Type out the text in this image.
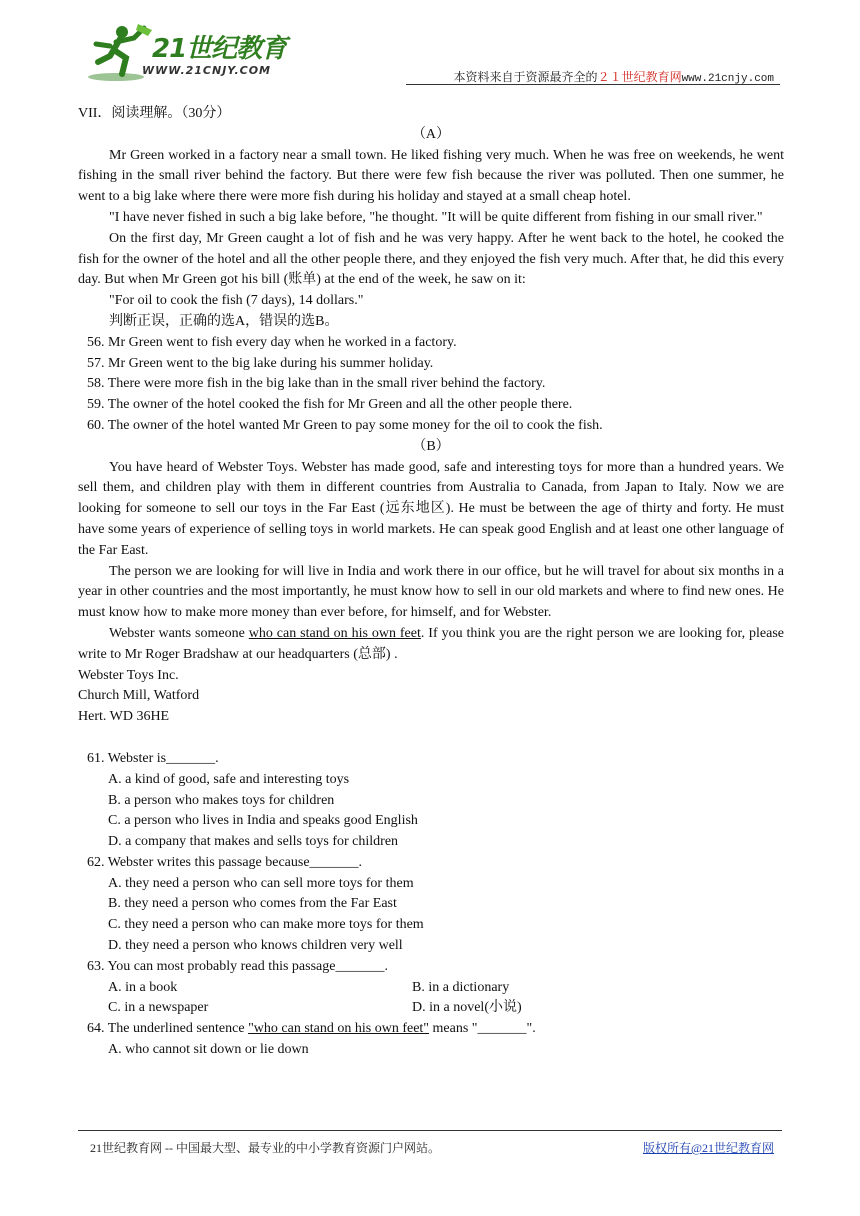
21世纪教育
WWW.21CNJY.COM	本资料来自于资源最齐全的２１世纪教育网www.21cnjy.com

VII．阅读理解。（30分）

（A）

Mr Green worked in a factory near a small town. He liked fishing very much. When he was free on weekends, he went fishing in the small river behind the factory. But there were few fish because the river was polluted. Then one summer, he went to a big lake where there were more fish during his holiday and stayed at a small cheap hotel.

"I have never fished in such a big lake before, "he thought. "It will be quite different from fishing in our small river."

On the first day, Mr Green caught a lot of fish and he was very happy. After he went back to the hotel, he cooked the fish for the owner of the hotel and all the other people there, and they enjoyed the fish very much. After that, he did this every day. But when Mr Green got his bill (账单) at the end of the week, he saw on it:

"For oil to cook the fish (7 days), 14 dollars."

判断正误，正确的选A，错误的选B。

56. Mr Green went to fish every day when he worked in a factory.

57. Mr Green went to the big lake during his summer holiday.

58. There were more fish in the big lake than in the small river behind the factory.

59. The owner of the hotel cooked the fish for Mr Green and all the other people there.

60. The owner of the hotel wanted Mr Green to pay some money for the oil to cook the fish.

（B）

You have heard of Webster Toys. Webster has made good, safe and interesting toys for more than a hundred years. We sell them, and children play with them in different countries from Australia to Canada, from Japan to Italy. Now we are looking for someone to sell our toys in the Far East (远东地区). He must be between the age of thirty and forty. He must have some years of experience of selling toys in world markets. He can speak good English and at least one other language of the Far East.

The person we are looking for will live in India and work there in our office, but he will travel for about six months in a year in other countries and the most importantly, he must know how to sell in our old markets and where to find new ones. He must know how to make more money than ever before, for himself, and for Webster.

Webster wants someone who can stand on his own feet. If you think you are the right person we are looking for, please write to Mr Roger Bradshaw at our headquarters (总部) .

Webster Toys Inc.

Church Mill, Watford

Hert. WD 36HE

61. Webster is_______.

A. a kind of good, safe and interesting toys

B. a person who makes toys for children

C. a person who lives in India and speaks good English

D. a company that makes and sells toys for children

62. Webster writes this passage because_______.

A. they need a person who can sell more toys for them

B. they need a person who comes from the Far East

C. they need a person who can make more toys for them

D. they need a person who knows children very well

63. You can most probably read this passage_______.

A. in a book	B. in a dictionary
C. in a newspaper	D. in a novel(小说)

64. The underlined sentence "who can stand on his own feet" means "_______".

A. who cannot sit down or lie down

21世纪教育网 -- 中国最大型、最专业的中小学教育资源门户网站。	版权所有@21世纪教育网
